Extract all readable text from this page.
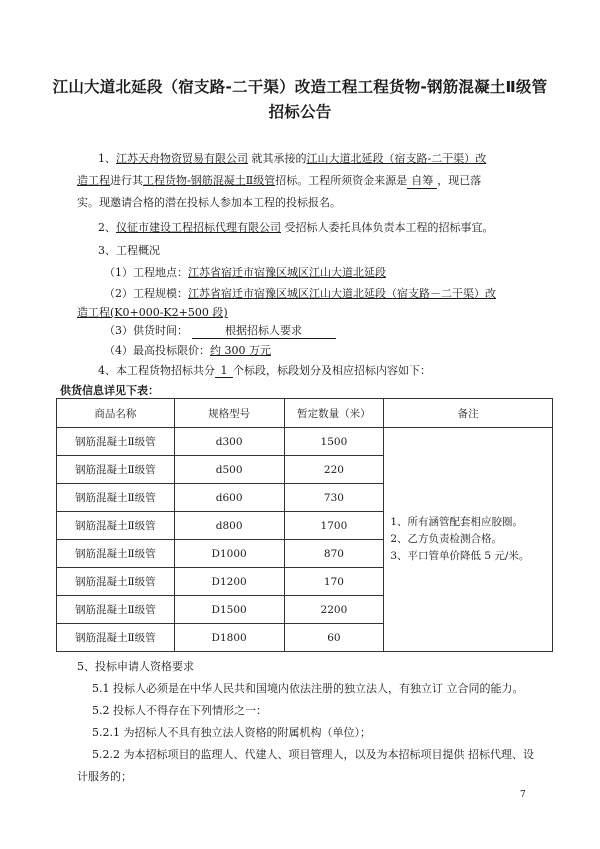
江山大道北延段（宿支路-二干渠）改造工程工程货物-钢筋混凝土Ⅱ级管
招标公告
1、江苏天舟物资贸易有限公司 就其承接的江山大道北延段（宿支路-二干渠）改
造工程进行其工程货物-钢筋混凝土Ⅱ级管招标。工程所须资金来源是 自筹 ，现已落
实。现邀请合格的潜在投标人参加本工程的投标报名。
2、仪征市建设工程招标代理有限公司 受招标人委托具体负责本工程的招标事宜。
3、工程概况
（1）工程地点：江苏省宿迁市宿豫区城区江山大道北延段
（2）工程规模：江苏省宿迁市宿豫区城区江山大道北延段（宿支路－二干渠）改
造工程(K0+000-K2+500 段)
（3）供货时间：	根据招标人要求
（4）最高投标限价：约 300 万元
4、本工程货物招标共分 1 个标段，标段划分及相应招标内容如下：
供货信息详见下表：
商品名称	规格型号	暂定数量（米）	备注
钢筋混凝土Ⅱ级管	d300	1500	1、所有涵管配套相应胶圈。
2、乙方负责检测合格。
3、平口管单价降低 5 元/米。

钢筋混凝土Ⅱ级管	d500	220	
钢筋混凝土Ⅱ级管	d600	730	
钢筋混凝土Ⅱ级管	d800	1700	
钢筋混凝土Ⅱ级管	D1000	870	
钢筋混凝土Ⅱ级管	D1200	170	
钢筋混凝土Ⅱ级管	D1500	2200	
钢筋混凝土Ⅱ级管	D1800	60	
5、投标申请人资格要求
5.1 投标人必须是在中华人民共和国境内依法注册的独立法人，有独立订 立合同的能力。
5.2 投标人不得存在下列情形之一：
5.2.1 为招标人不具有独立法人资格的附属机构（单位）；
5.2.2 为本招标项目的监理人、代建人、项目管理人，以及为本招标项目提供 招标代理、设
计服务的；
7
